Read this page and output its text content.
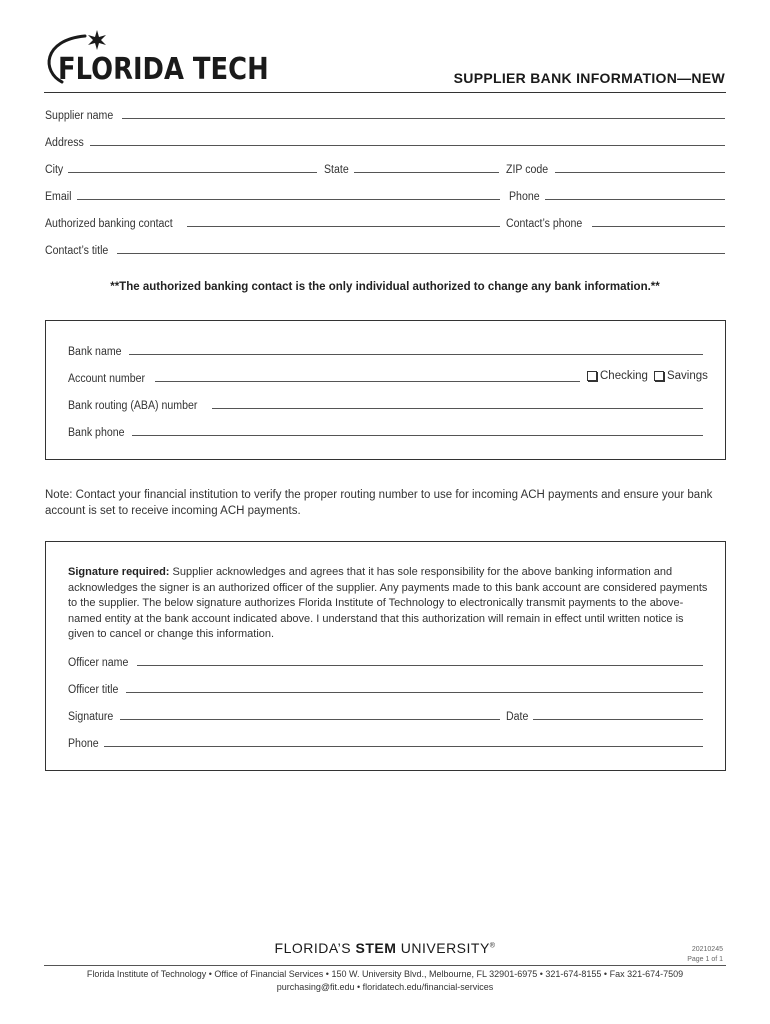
FLORIDA TECH	SUPPLIER BANK INFORMATION—NEW
Supplier name
Address
City	State	ZIP code
Email	Phone
Authorized banking contact	Contact’s phone
Contact’s title
**The authorized banking contact is the only individual authorized to change any bank information.**
Bank name
Account number	Checking Savings
Bank routing (ABA) number
Bank phone
Note: Contact your financial institution to verify the proper routing number to use for incoming ACH payments and ensure your bank account is set to receive incoming ACH payments.
Signature required: Supplier acknowledges and agrees that it has sole responsibility for the above banking information and acknowledges the signer is an authorized officer of the supplier. Any payments made to this bank account are considered payments to the supplier. The below signature authorizes Florida Institute of Technology to electronically transmit payments to the above-named entity at the bank account indicated above. I understand that this authorization will remain in effect until written notice is given to cancel or change this information.
Officer name
Officer title
Signature	Date
Phone
FLORIDA’S STEM UNIVERSITY®
20210245
Page 1 of 1
Florida Institute of Technology • Office of Financial Services • 150 W. University Blvd., Melbourne, FL 32901-6975 • 321-674-8155 • Fax 321-674-7509
purchasing@fit.edu • floridatech.edu/financial-services
